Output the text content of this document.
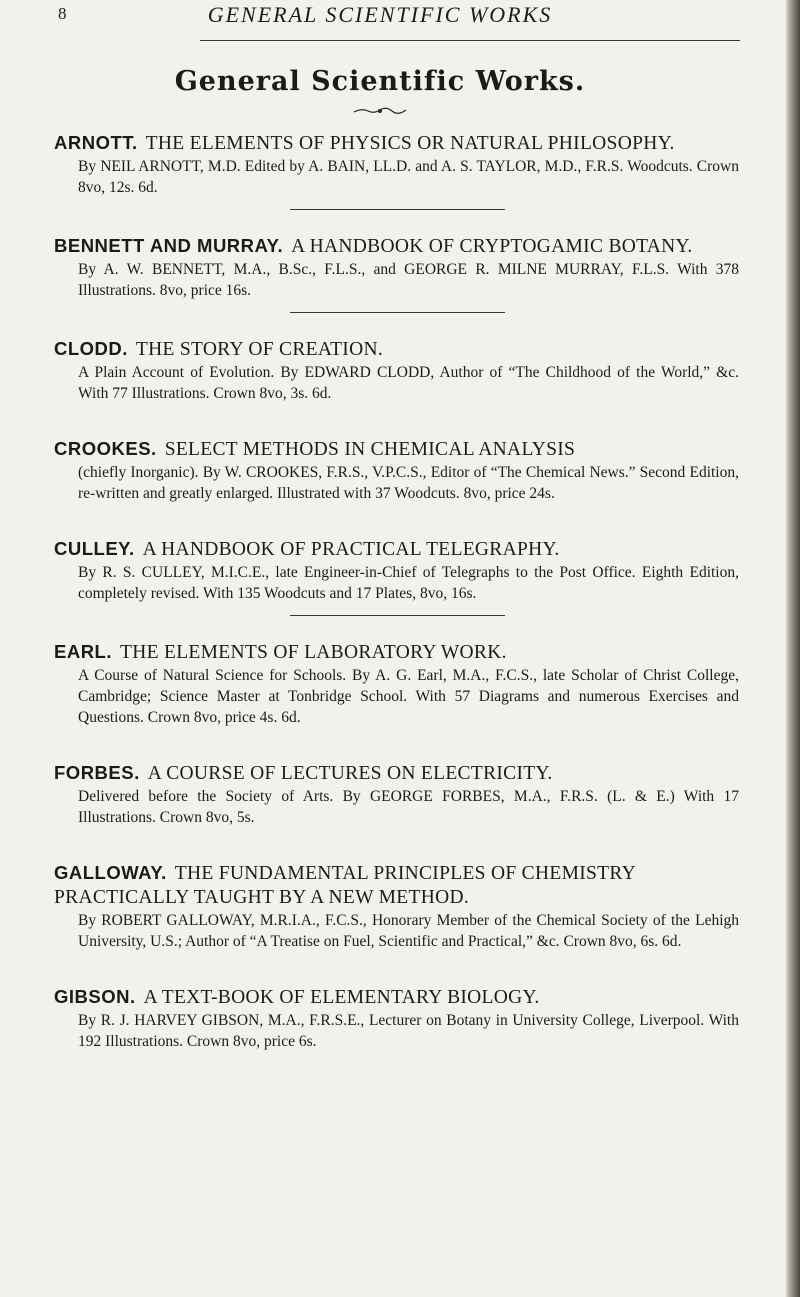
8	GENERAL SCIENTIFIC WORKS
General Scientific Works.
ARNOTT. THE ELEMENTS OF PHYSICS OR NATURAL PHILOSOPHY.
By NEIL ARNOTT, M.D. Edited by A. BAIN, LL.D. and A. S. TAYLOR, M.D., F.R.S. Woodcuts. Crown 8vo, 12s. 6d.
BENNETT AND MURRAY. A HANDBOOK OF CRYPTOGAMIC BOTANY.
By A. W. BENNETT, M.A., B.Sc., F.L.S., and GEORGE R. MILNE MURRAY, F.L.S. With 378 Illustrations. 8vo, price 16s.
CLODD. THE STORY OF CREATION.
A Plain Account of Evolution. By EDWARD CLODD, Author of “The Childhood of the World,” &c. With 77 Illustrations. Crown 8vo, 3s. 6d.
CROOKES. SELECT METHODS IN CHEMICAL ANALYSIS
(chiefly Inorganic). By W. CROOKES, F.R.S., V.P.C.S., Editor of “The Chemical News.” Second Edition, re-written and greatly enlarged. Illustrated with 37 Woodcuts. 8vo, price 24s.
CULLEY. A HANDBOOK OF PRACTICAL TELEGRAPHY.
By R. S. CULLEY, M.I.C.E., late Engineer-in-Chief of Telegraphs to the Post Office. Eighth Edition, completely revised. With 135 Woodcuts and 17 Plates, 8vo, 16s.
EARL. THE ELEMENTS OF LABORATORY WORK.
A Course of Natural Science for Schools. By A. G. Earl, M.A., F.C.S., late Scholar of Christ College, Cambridge; Science Master at Tonbridge School. With 57 Diagrams and numerous Exercises and Questions. Crown 8vo, price 4s. 6d.
FORBES. A COURSE OF LECTURES ON ELECTRICITY.
Delivered before the Society of Arts. By GEORGE FORBES, M.A., F.R.S. (L. & E.) With 17 Illustrations. Crown 8vo, 5s.
GALLOWAY. THE FUNDAMENTAL PRINCIPLES OF CHEMISTRY PRACTICALLY TAUGHT BY A NEW METHOD.
By ROBERT GALLOWAY, M.R.I.A., F.C.S., Honorary Member of the Chemical Society of the Lehigh University, U.S.; Author of “A Treatise on Fuel, Scientific and Practical,” &c. Crown 8vo, 6s. 6d.
GIBSON. A TEXT-BOOK OF ELEMENTARY BIOLOGY.
By R. J. HARVEY GIBSON, M.A., F.R.S.E., Lecturer on Botany in University College, Liverpool. With 192 Illustrations. Crown 8vo, price 6s.
